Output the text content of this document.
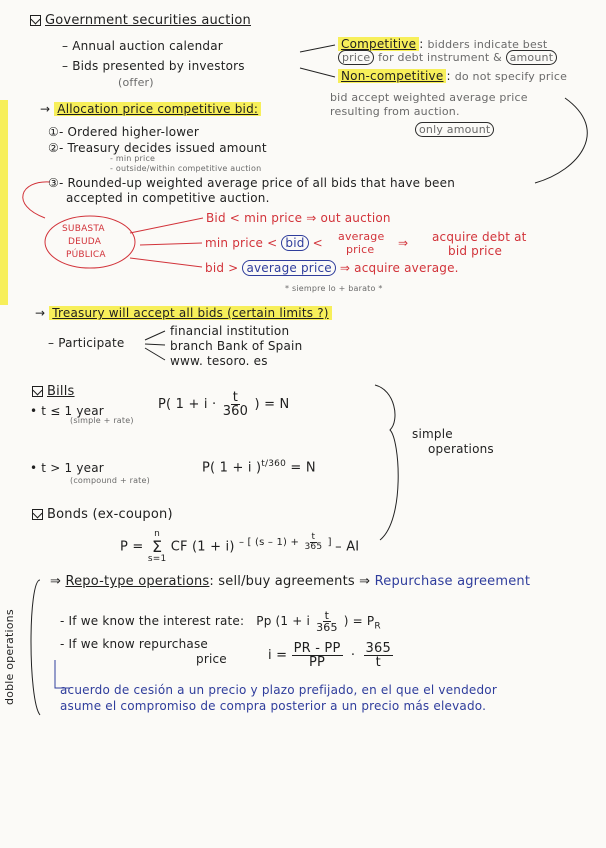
Government securities auction
– Annual auction calendar
– Bids presented by investors
(offer)
Competitive : bidders indicate best
price for debt instrument & amount
Non-competitive : do not specify price
bid accept weighted average price
resulting from auction.
only amount
→ Allocation price competitive bid:
①- Ordered higher-lower
②- Treasury decides issued amount
- min price
- outside/within competitive auction
③- Rounded-up weighted average price of all bids that have been
accepted in competitive auction.
SUBASTA
DEUDA
PÚBLICA
Bid < min price ⇒ out auction
min price < bid < average
price ⇒ acquire debt at
bid price
bid > average price ⇒ acquire average.
* siempre lo + barato *
→ Treasury will accept all bids (certain limits ?)
– Participate
financial institution
branch Bank of Spain
www. tesoro. es
Bills
• t ≤ 1 year
(simple + rate)
P( $1 + i \cdot \frac{t}{360}$ ) = N
• t > 1 year
(compound + rate)
P( 1 + i )$^{t/360}$ = N
simple
operations
Bonds (ex-coupon)
P =
n
Σ
s=1
CF (1 + i) $^{- [ (s - 1) + \frac{t}{365} ]}$ – AI
doble operations
⇒ Repo-type operations: sell/buy agreements ⇒ Repurchase agreement
- If we know the interest rate: Pp (1 + i $\frac{t}{365}$ ) = $P_R$
- If we know repurchase
price	$i = \frac{PR - PP}{PP} \cdot \frac{365}{t}$
acuerdo de cesión a un precio y plazo prefijado, en el que el vendedor
asume el compromiso de compra posterior a un precio más elevado.
